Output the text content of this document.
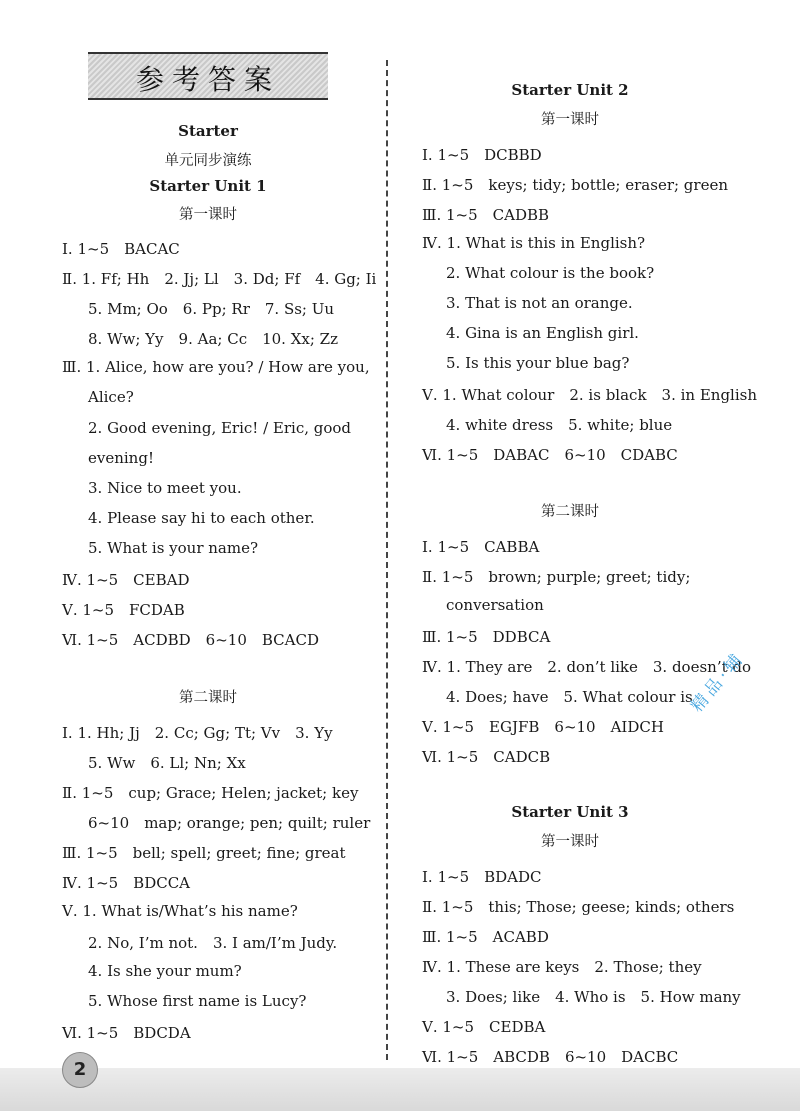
参考答案
Starter
单元同步演练
Starter Unit 1
第一课时
Ⅰ. 1~5　BACAC
Ⅱ. 1. Ff; Hh　2. Jj; Ll　3. Dd; Ff　4. Gg; Ii
5. Mm; Oo　6. Pp; Rr　7. Ss; Uu
8. Ww; Yy　9. Aa; Cc　10. Xx; Zz
Ⅲ. 1. Alice, how are you? / How are you,
Alice?
2. Good evening, Eric! / Eric, good
evening!
3. Nice to meet you.
4. Please say hi to each other.
5. What is your name?
Ⅳ. 1~5　CEBAD
Ⅴ. 1~5　FCDAB
Ⅵ. 1~5　ACDBD　6~10　BCACD
第二课时
Ⅰ. 1. Hh; Jj　2. Cc; Gg; Tt; Vv　3. Yy
5. Ww　6. Ll; Nn; Xx
Ⅱ. 1~5　cup; Grace; Helen; jacket; key
6~10　map; orange; pen; quilt; ruler
Ⅲ. 1~5　bell; spell; greet; fine; great
Ⅳ. 1~5　BDCCA
Ⅴ. 1. What is/What’s his name?
2. No, I’m not.　3. I am/I’m Judy.
4. Is she your mum?
5. Whose first name is Lucy?
Ⅵ. 1~5　BDCDA
Starter Unit 2
第一课时
Ⅰ. 1~5　DCBBD
Ⅱ. 1~5　keys; tidy; bottle; eraser; green
Ⅲ. 1~5　CADBB
Ⅳ. 1. What is this in English?
2. What colour is the book?
3. That is not an orange.
4. Gina is an English girl.
5. Is this your blue bag?
Ⅴ. 1. What colour　2. is black　3. in English
4. white dress　5. white; blue
Ⅵ. 1~5　DABAC　6~10　CDABC
第二课时
Ⅰ. 1~5　CABBA
Ⅱ. 1~5　brown; purple; greet; tidy;
conversation
Ⅲ. 1~5　DDBCA
Ⅳ. 1. They are　2. don’t like　3. doesn’t do
4. Does; have　5. What colour is
Ⅴ. 1~5　EGJFB　6~10　AIDCH
Ⅵ. 1~5　CADCB
Starter Unit 3
第一课时
Ⅰ. 1~5　BDADC
Ⅱ. 1~5　this; Those; geese; kinds; others
Ⅲ. 1~5　ACABD
Ⅳ. 1. These are keys　2. Those; they
3. Does; like　4. Who is　5. How many
Ⅴ. 1~5　CEDBA
Ⅵ. 1~5　ABCDB　6~10　DACBC
精品·辅
2
